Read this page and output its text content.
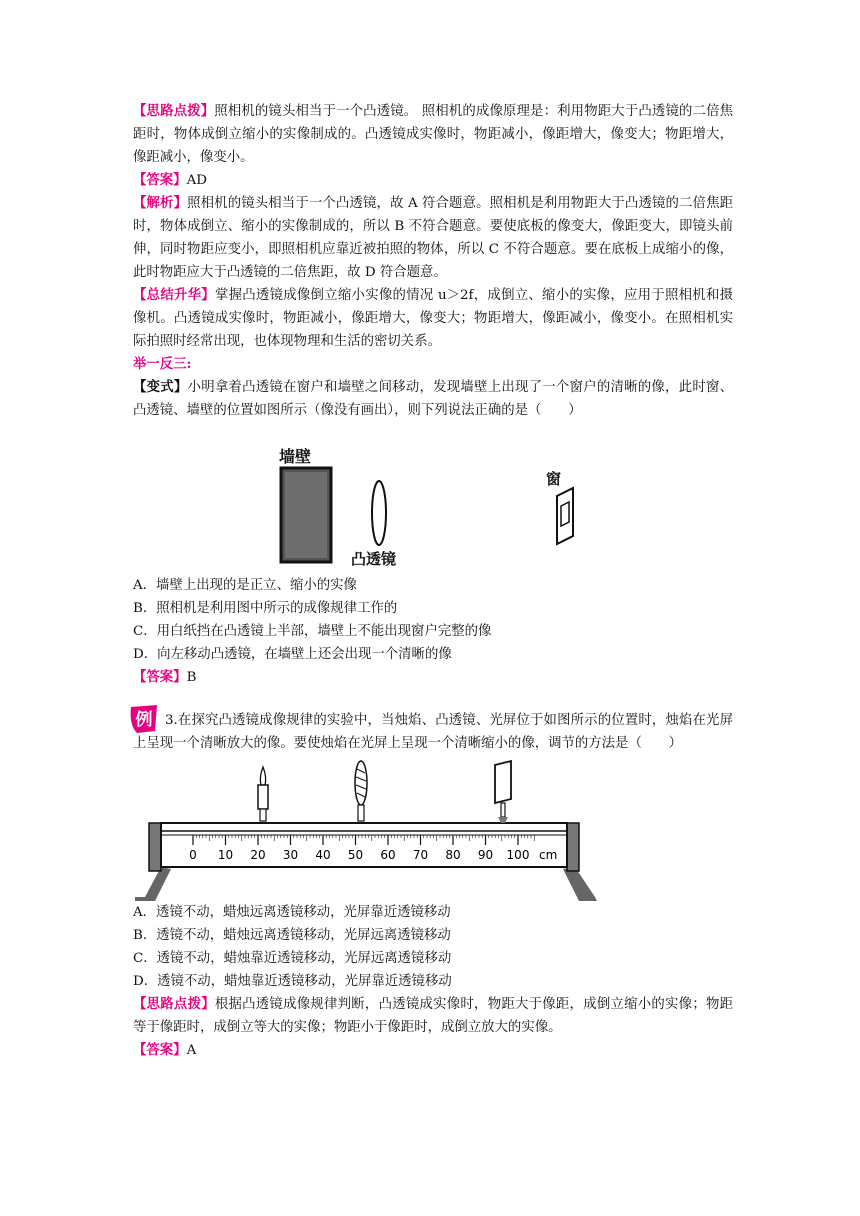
【思路点拨】照相机的镜头相当于一个凸透镜。 照相机的成像原理是：利用物距大于凸透镜的二倍焦距时，物体成倒立缩小的实像制成的。凸透镜成实像时，物距减小，像距增大，像变大；物距增大，像距减小，像变小。

【答案】AD

【解析】照相机的镜头相当于一个凸透镜，故 A 符合题意。照相机是利用物距大于凸透镜的二倍焦距时，物体成倒立、缩小的实像制成的，所以 B 不符合题意。要使底板的像变大，像距变大，即镜头前伸，同时物距应变小，即照相机应靠近被拍照的物体，所以 C 不符合题意。要在底板上成缩小的像，此时物距应大于凸透镜的二倍焦距，故 D 符合题意。

【总结升华】掌握凸透镜成像倒立缩小实像的情况 u＞2f，成倒立、缩小的实像，应用于照相机和摄像机。凸透镜成实像时，物距减小，像距增大，像变大；物距增大，像距减小，像变小。在照相机实际拍照时经常出现，也体现物理和生活的密切关系。

举一反三:

【变式】小明拿着凸透镜在窗户和墙壁之间移动，发现墙壁上出现了一个窗户的清晰的像，此时窗、凸透镜、墙壁的位置如图所示（像没有画出），则下列说法正确的是（　　）

墙壁
凸透镜
窗

A．墙壁上出现的是正立、缩小的实像

B．照相机是利用图中所示的成像规律工作的

C．用白纸挡在凸透镜上半部，墙壁上不能出现窗户完整的像

D．向左移动凸透镜，在墙壁上还会出现一个清晰的像

【答案】B

例 3.在探究凸透镜成像规律的实验中，当烛焰、凸透镜、光屏位于如图所示的位置时，烛焰在光屏上呈现一个清晰放大的像。要使烛焰在光屏上呈现一个清晰缩小的像，调节的方法是（　　）

0 10 20 30 40 50 60 70 80 90 100 cm

A．透镜不动，蜡烛远离透镜移动，光屏靠近透镜移动

B．透镜不动，蜡烛远离透镜移动，光屏远离透镜移动

C．透镜不动，蜡烛靠近透镜移动，光屏远离透镜移动

D．透镜不动，蜡烛靠近透镜移动，光屏靠近透镜移动

【思路点拨】根据凸透镜成像规律判断，凸透镜成实像时，物距大于像距，成倒立缩小的实像；物距等于像距时，成倒立等大的实像；物距小于像距时，成倒立放大的实像。

【答案】A
